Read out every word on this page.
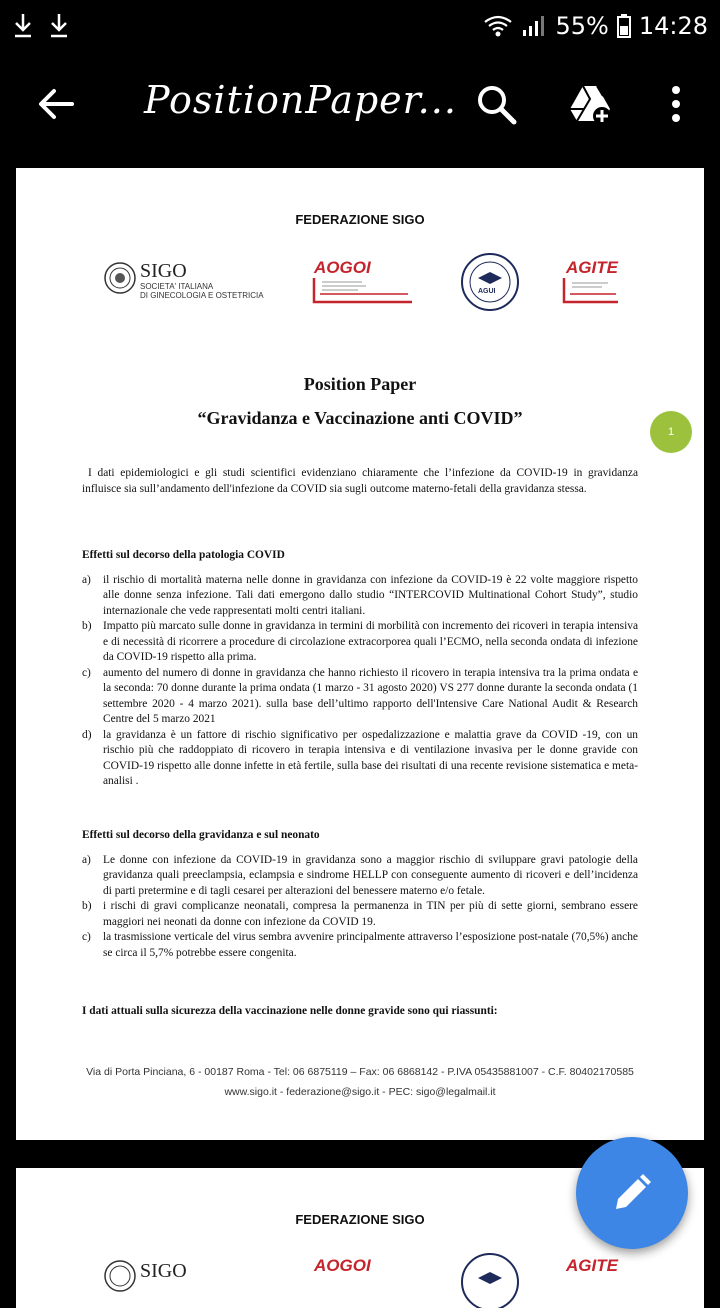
55% 14:28
PositionPaper...
FEDERAZIONE SIGO
SIGO
SOCIETA' ITALIANA
DI GINECOLOGIA E OSTETRICIA
AOGOI
AGUI
AGITE
Position Paper
“Gravidanza e Vaccinazione anti COVID”
I dati epidemiologici e gli studi scientifici evidenziano chiaramente che l’infezione da COVID-19 in gravidanza influisce sia sull’andamento dell'infezione da COVID sia sugli outcome materno-fetali della gravidanza stessa.
Effetti sul decorso della patologia COVID
a) il rischio di mortalità materna nelle donne in gravidanza con infezione da COVID-19 è 22 volte maggiore rispetto alle donne senza infezione. Tali dati emergono dallo studio “INTERCOVID Multinational Cohort Study”, studio internazionale che vede rappresentati molti centri italiani.
b) Impatto più marcato sulle donne in gravidanza in termini di morbilità con incremento dei ricoveri in terapia intensiva e di necessità di ricorrere a procedure di circolazione extracorporea quali l’ECMO, nella seconda ondata di infezione da COVID-19 rispetto alla prima.
c) aumento del numero di donne in gravidanza che hanno richiesto il ricovero in terapia intensiva tra la prima ondata e la seconda: 70 donne durante la prima ondata (1 marzo - 31 agosto 2020) VS 277 donne durante la seconda ondata (1 settembre 2020 - 4 marzo 2021). sulla base dell’ultimo rapporto dell'Intensive Care National Audit & Research Centre del 5 marzo 2021
d) la gravidanza è un fattore di rischio significativo per ospedalizzazione e malattia grave da COVID -19, con un rischio più che raddoppiato di ricovero in terapia intensiva e di ventilazione invasiva per le donne gravide con COVID-19 rispetto alle donne infette in età fertile, sulla base dei risultati di una recente revisione sistematica e meta-analisi .
Effetti sul decorso della gravidanza e sul neonato
a) Le donne con infezione da COVID-19 in gravidanza sono a maggior rischio di sviluppare gravi patologie della gravidanza quali preeclampsia, eclampsia e sindrome HELLP con conseguente aumento di ricoveri e dell’incidenza di parti pretermine e di tagli cesarei per alterazioni del benessere materno e/o fetale.
b) i rischi di gravi complicanze neonatali, compresa la permanenza in TIN per più di sette giorni, sembrano essere maggiori nei neonati da donne con infezione da COVID 19.
c) la trasmissione verticale del virus sembra avvenire principalmente attraverso l’esposizione post-natale (70,5%) anche se circa il 5,7% potrebbe essere congenita.
I dati attuali sulla sicurezza della vaccinazione nelle donne gravide sono qui riassunti:
Via di Porta Pinciana, 6 - 00187 Roma - Tel: 06 6875119 – Fax: 06 6868142 - P.IVA 05435881007 - C.F. 80402170585
www.sigo.it - federazione@sigo.it - PEC: sigo@legalmail.it
1
FEDERAZIONE SIGO
SIGO	AOGOI	AGITE
